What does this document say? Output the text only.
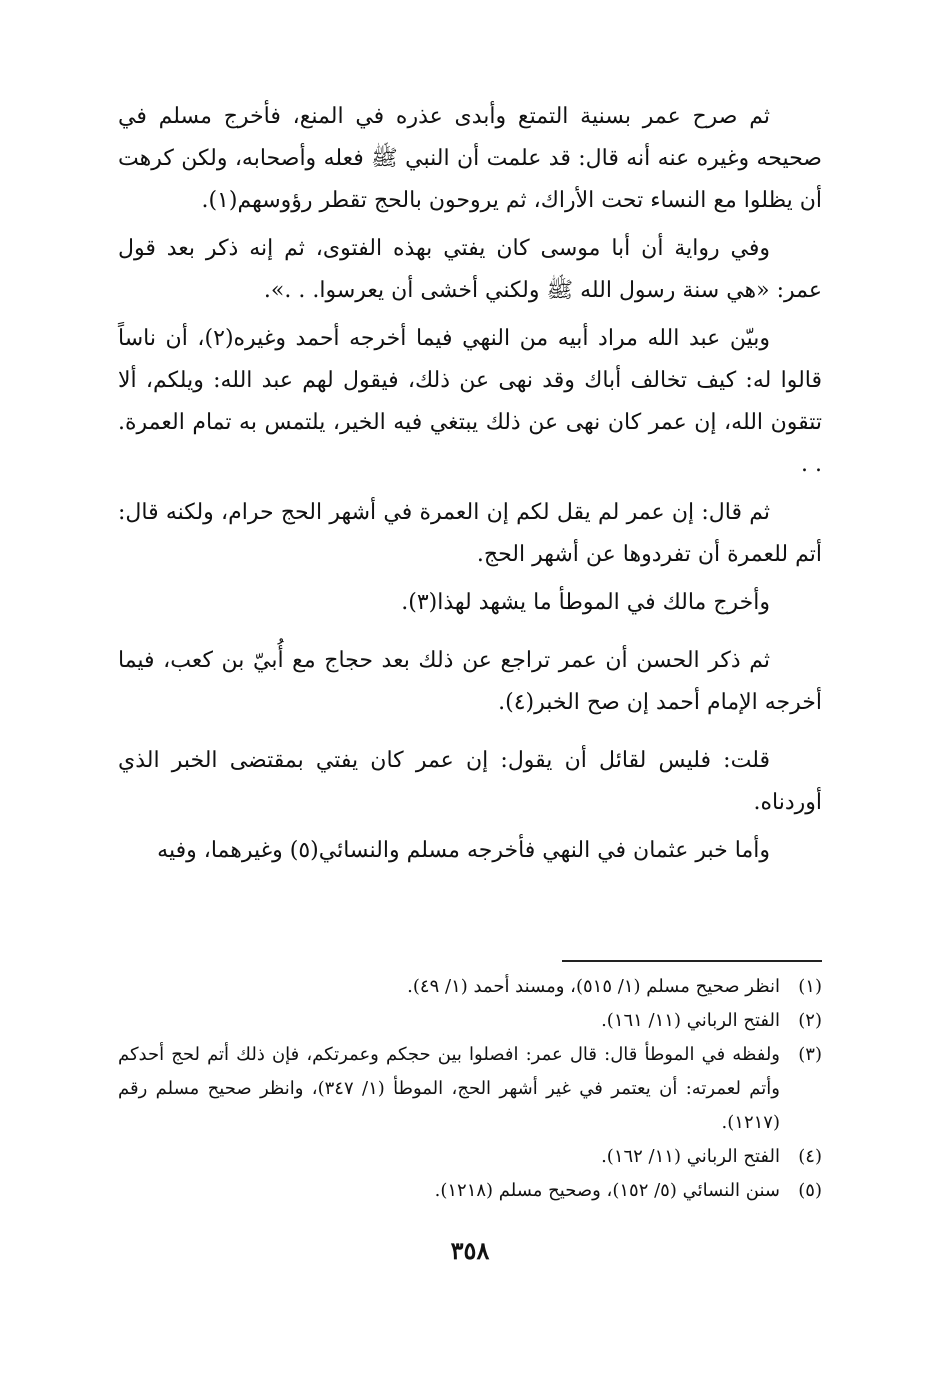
ثم صرح عمر بسنية التمتع وأبدى عذره في المنع، فأخرج مسلم في صحيحه وغيره عنه أنه قال: قد علمت أن النبي ﷺ فعله وأصحابه، ولكن كرهت أن يظلوا مع النساء تحت الأراك، ثم يروحون بالحج تقطر رؤوسهم(١).

وفي رواية أن أبا موسى كان يفتي بهذه الفتوى، ثم إنه ذكر بعد قول عمر: «هي سنة رسول الله ﷺ ولكني أخشى أن يعرسوا. . .».

وبيّن عبد الله مراد أبيه من النهي فيما أخرجه أحمد وغيره(٢)، أن ناساً قالوا له: كيف تخالف أباك وقد نهى عن ذلك، فيقول لهم عبد الله: ويلكم، ألا تتقون الله، إن عمر كان نهى عن ذلك يبتغي فيه الخير، يلتمس به تمام العمرة. . .

ثم قال: إن عمر لم يقل لكم إن العمرة في أشهر الحج حرام، ولكنه قال: أتم للعمرة أن تفردوها عن أشهر الحج.

وأخرج مالك في الموطأ ما يشهد لهذا(٣).

ثم ذكر الحسن أن عمر تراجع عن ذلك بعد حجاج مع أُبيّ بن كعب، فيما أخرجه الإمام أحمد إن صح الخبر(٤).

قلت: فليس لقائل أن يقول: إن عمر كان يفتي بمقتضى الخبر الذي أوردناه.

وأما خبر عثمان في النهي فأخرجه مسلم والنسائي(٥) وغيرهما، وفيه

(١)انظر صحيح مسلم (١/ ٥١٥)، ومسند أحمد (١/ ٤٩).

(٢)الفتح الرباني (١١/ ١٦١).

(٣)ولفظه في الموطأ قال: قال عمر: افصلوا بين حجكم وعمرتكم، فإن ذلك أتم لحج أحدكم وأتم لعمرته: أن يعتمر في غير أشهر الحج، الموطأ (١/ ٣٤٧)، وانظر صحيح مسلم رقم (١٢١٧).

(٤)الفتح الرباني (١١/ ١٦٢).

(٥)سنن النسائي (٥/ ١٥٢)، وصحيح مسلم (١٢١٨).

٣٥٨
